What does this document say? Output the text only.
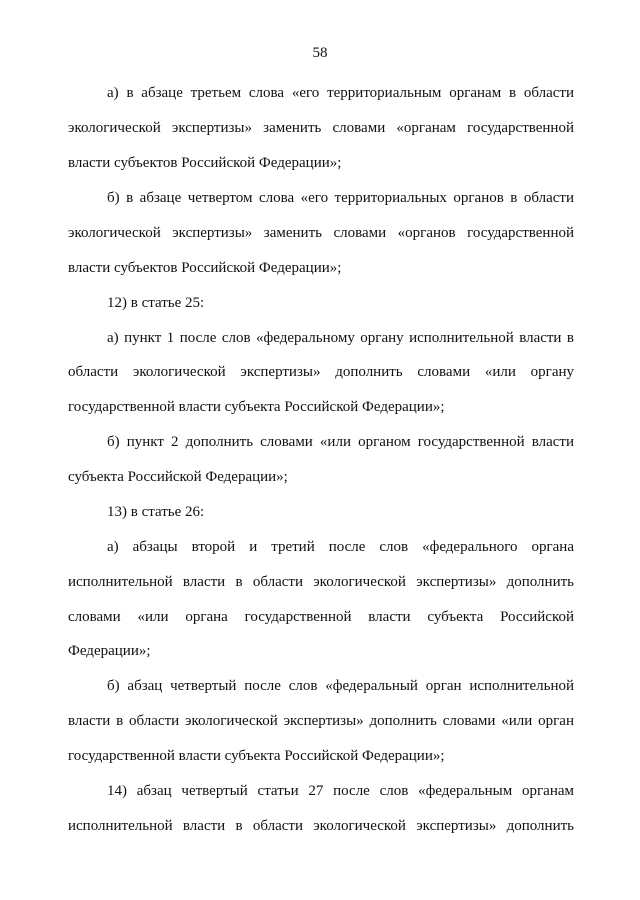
58
а) в абзаце третьем слова «его территориальным органам в области
экологической экспертизы» заменить словами «органам государственной
власти субъектов Российской Федерации»;
б) в абзаце четвертом слова «его территориальных органов в области
экологической экспертизы» заменить словами «органов государственной
власти субъектов Российской Федерации»;
12) в статье 25:
а) пункт 1 после слов «федеральному органу исполнительной власти в
области экологической экспертизы» дополнить словами «или органу
государственной власти субъекта Российской Федерации»;
б) пункт 2 дополнить словами «или органом государственной власти
субъекта Российской Федерации»;
13) в статье 26:
а) абзацы второй и третий после слов «федерального органа
исполнительной власти в области экологической экспертизы» дополнить
словами «или органа государственной власти субъекта Российской
Федерации»;
б) абзац четвертый после слов «федеральный орган исполнительной
власти в области экологической экспертизы» дополнить словами «или орган
государственной власти субъекта Российской Федерации»;
14) абзац четвертый статьи 27 после слов «федеральным органам
исполнительной власти в области экологической экспертизы» дополнить
